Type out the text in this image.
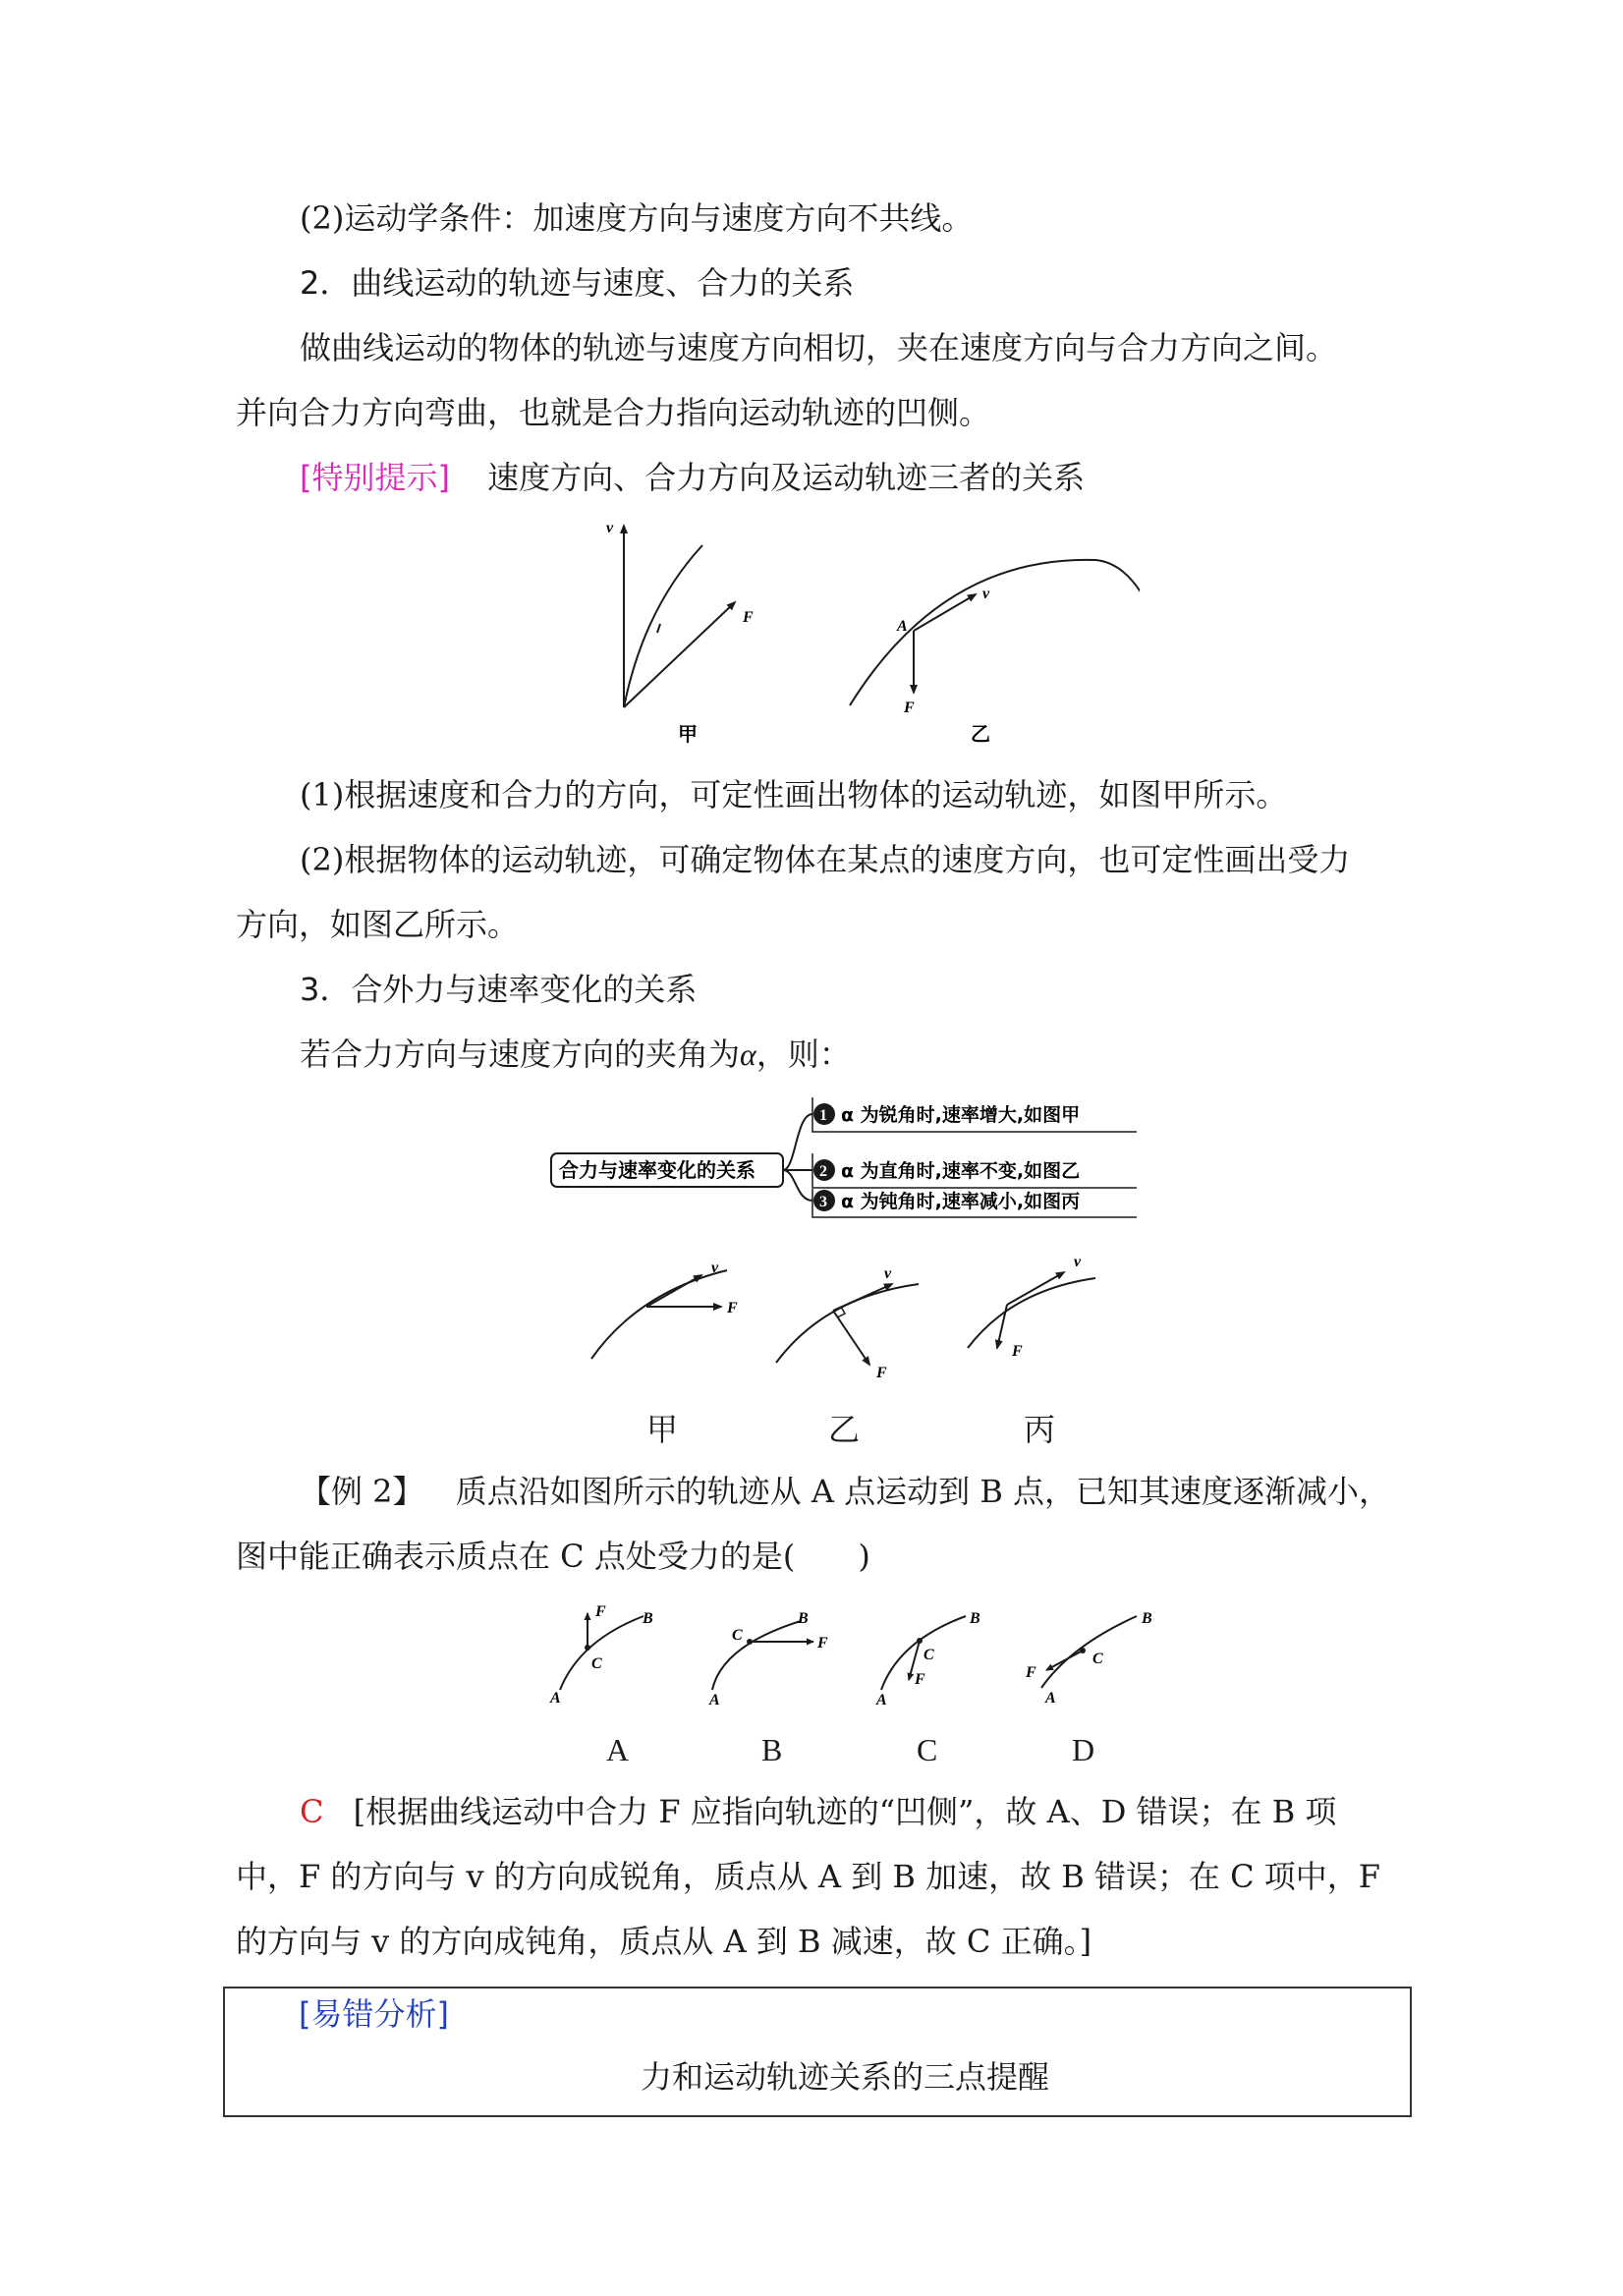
(2)运动学条件：加速度方向与速度方向不共线。
2．曲线运动的轨迹与速度、合力的关系
做曲线运动的物体的轨迹与速度方向相切，夹在速度方向与合力方向之间。
并向合力方向弯曲，也就是合力指向运动轨迹的凹侧。
[特别提示] 速度方向、合力方向及运动轨迹三者的关系
v
F
甲
A
v
F
乙
(1)根据速度和合力的方向，可定性画出物体的运动轨迹，如图甲所示。
(2)根据物体的运动轨迹，可确定物体在某点的速度方向，也可定性画出受力
方向，如图乙所示。
3．合外力与速率变化的关系
若合力方向与速度方向的夹角为α，则：
合力与速率变化的关系
1 α 为锐角时,速率增大,如图甲
2 α 为直角时,速率不变,如图乙
3 α 为钝角时,速率减小,如图丙
v
F
v
F
v
F
甲	乙	丙
【例 2】 质点沿如图所示的轨迹从 A 点运动到 B 点，已知其速度逐渐减小，
图中能正确表示质点在 C 点处受力的是(　　)
F B
C
A
C
B
F
A
C
B
F
A
C
B
F
A
A	B	C	D
C [根据曲线运动中合力 F 应指向轨迹的“凹侧”，故 A、D 错误；在 B 项
中，F 的方向与 v 的方向成锐角，质点从 A 到 B 加速，故 B 错误；在 C 项中，F
的方向与 v 的方向成钝角，质点从 A 到 B 减速，故 C 正确。]
[易错分析]
力和运动轨迹关系的三点提醒
